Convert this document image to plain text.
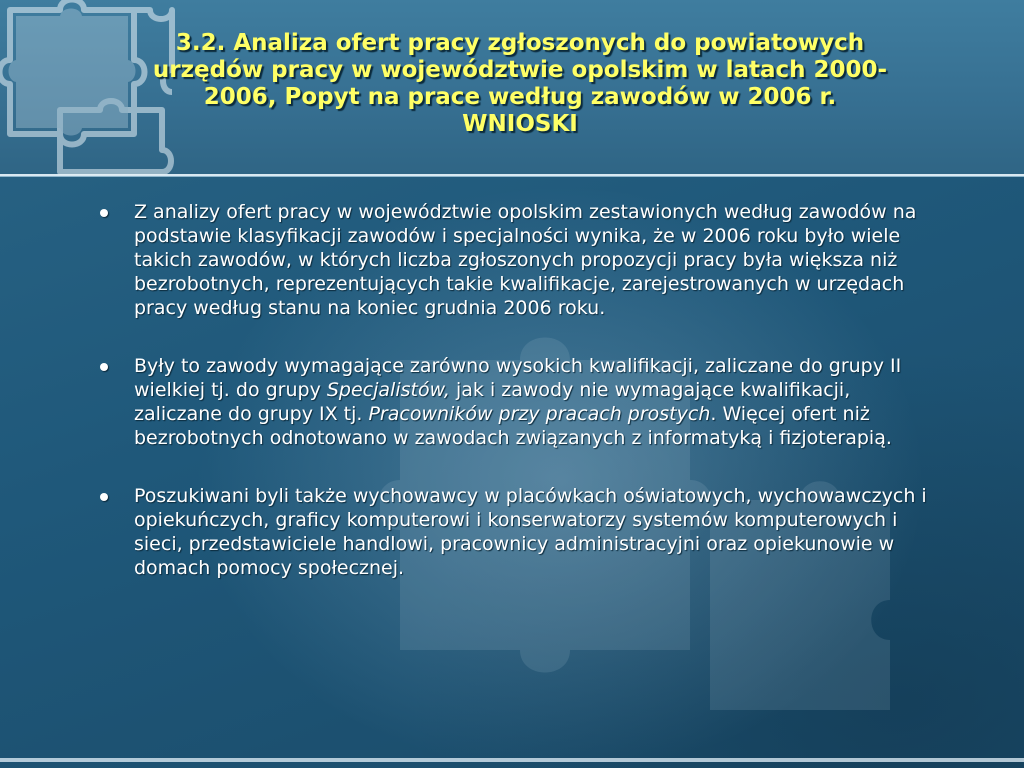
3.2. Analiza ofert pracy zgłoszonych do powiatowych
urzędów pracy w województwie opolskim w latach 2000-
2006, Popyt na prace według zawodów w 2006 r.
WNIOSKI
Z analizy ofert pracy w województwie opolskim zestawionych według zawodów na podstawie klasyfikacji zawodów i specjalności wynika, że w 2006 roku było wiele takich zawodów, w których liczba zgłoszonych propozycji pracy była większa niż bezrobotnych, reprezentujących takie kwalifikacje, zarejestrowanych w urzędach pracy według stanu na koniec grudnia 2006 roku.
Były to zawody wymagające zarówno wysokich kwalifikacji, zaliczane do grupy II wielkiej tj. do grupy Specjalistów, jak i zawody nie wymagające kwalifikacji, zaliczane do grupy IX tj. Pracowników przy pracach prostych. Więcej ofert niż bezrobotnych odnotowano w zawodach związanych z informatyką i fizjoterapią.
Poszukiwani byli także wychowawcy w placówkach oświatowych, wychowawczych i opiekuńczych, graficy komputerowi i konserwatorzy systemów komputerowych i sieci, przedstawiciele handlowi, pracownicy administracyjni oraz opiekunowie w domach pomocy społecznej.
